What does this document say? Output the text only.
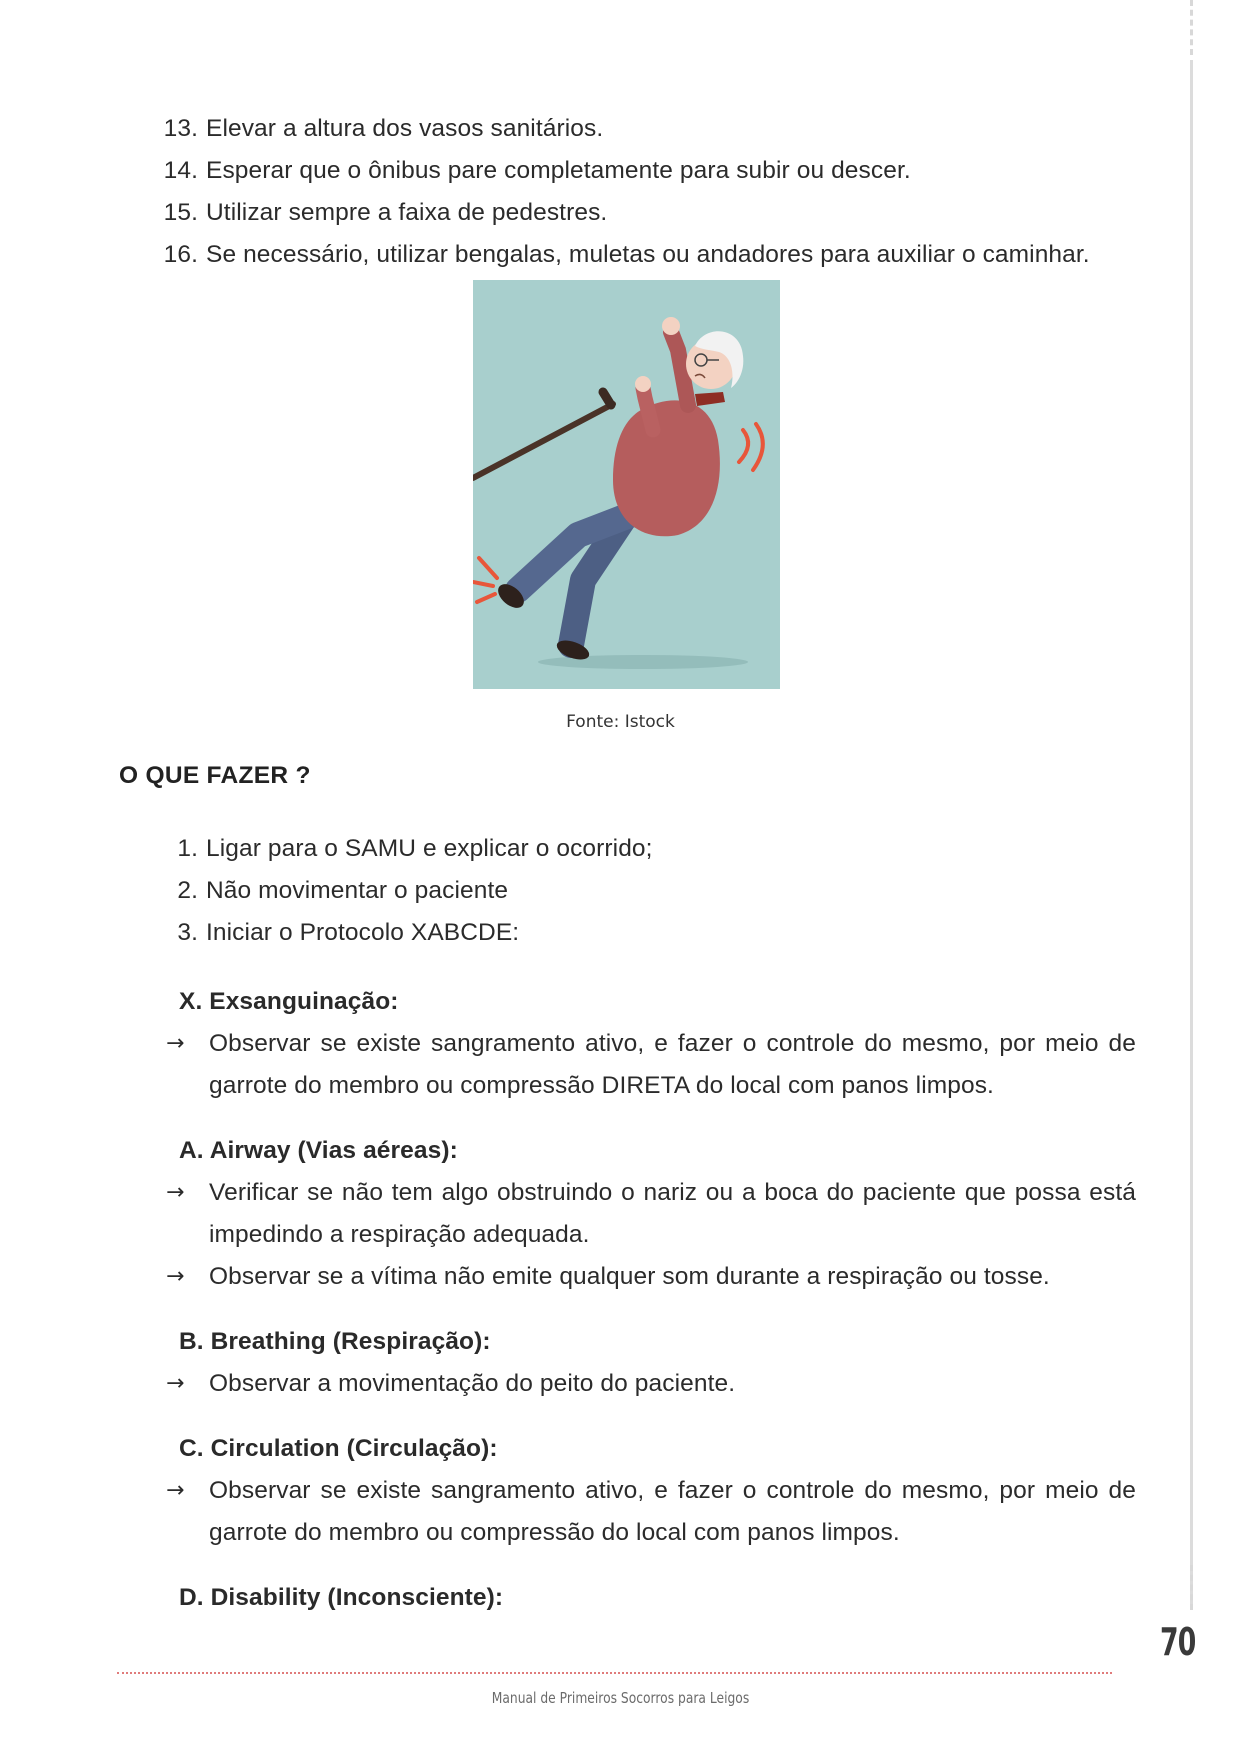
13. Elevar a altura dos vasos sanitários.
14. Esperar que o ônibus pare completamente para subir ou descer.
15. Utilizar sempre a faixa de pedestres.
16. Se necessário, utilizar bengalas, muletas ou andadores para auxiliar o caminhar.
Fonte: Istock
O QUE FAZER ?
1. Ligar para o SAMU e explicar o ocorrido;
2. Não movimentar o paciente
3. Iniciar o Protocolo XABCDE:
X. Exsanguinação:
→ Observar se existe sangramento ativo, e fazer o controle do mesmo, por meio de garrote do membro ou compressão DIRETA do local com panos limpos.
A. Airway (Vias aéreas):
→ Verificar se não tem algo obstruindo o nariz ou a boca do paciente que possa está impedindo a respiração adequada.
→ Observar se a vítima não emite qualquer som durante a respiração ou tosse.
B. Breathing (Respiração):
→ Observar a movimentação do peito do paciente.
C. Circulation (Circulação):
→ Observar se existe sangramento ativo, e fazer o controle do mesmo, por meio de garrote do membro ou compressão do local com panos limpos.
D. Disability (Inconsciente):
70
Manual de Primeiros Socorros para Leigos
